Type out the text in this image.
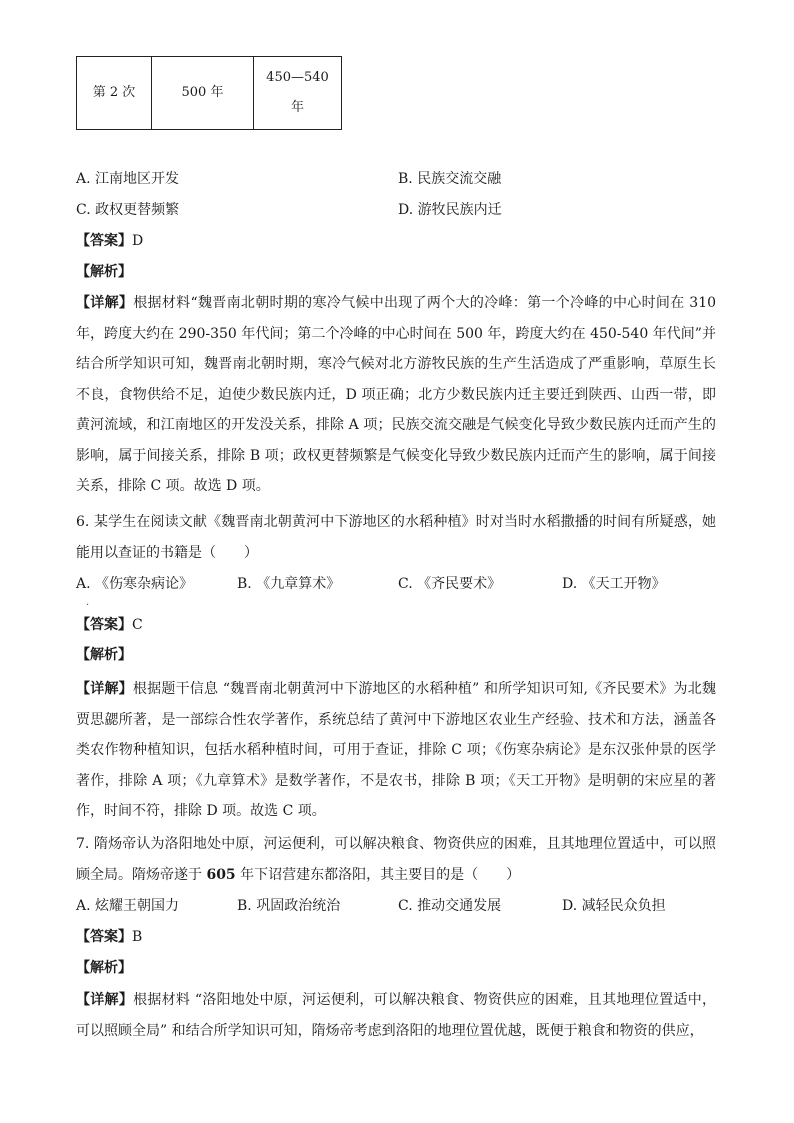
第 2 次	500 年	450—540
年
A. 江南地区开发	B. 民族交流交融
C. 政权更替频繁	D. 游牧民族内迁
【答案】D
【解析】
【详解】根据材料“魏晋南北朝时期的寒冷气候中出现了两个大的冷峰：第一个冷峰的中心时间在 310 年，跨度大约在 290-350 年代间；第二个冷峰的中心时间在 500 年，跨度大约在 450-540 年代间”并结合所学知识可知，魏晋南北朝时期，寒冷气候对北方游牧民族的生产生活造成了严重影响，草原生长不良，食物供给不足，迫使少数民族内迁，D 项正确；北方少数民族内迁主要迁到陕西、山西一带，即黄河流域，和江南地区的开发没关系，排除 A 项；民族交流交融是气候变化导致少数民族内迁而产生的影响，属于间接关系，排除 B 项；政权更替频繁是气候变化导致少数民族内迁而产生的影响，属于间接关系，排除 C 项。故选 D 项。
6. 某学生在阅读文献《魏晋南北朝黄河中下游地区的水稻种植》时对当时水稻撒播的时间有所疑惑，她能用以查证的书籍是（　　）
A. 《伤寒杂病论》	B. 《九章算术》	C. 《齐民要术》	D. 《天工开物》
·
【答案】C
【解析】
【详解】根据题干信息 “魏晋南北朝黄河中下游地区的水稻种植” 和所学知识可知,《齐民要术》为北魏贾思勰所著，是一部综合性农学著作，系统总结了黄河中下游地区农业生产经验、技术和方法，涵盖各类农作物种植知识，包括水稻种植时间，可用于查证，排除 C 项；《伤寒杂病论》是东汉张仲景的医学著作，排除 A 项；《九章算术》是数学著作，不是农书，排除 B 项；《天工开物》是明朝的宋应星的著作，时间不符，排除 D 项。故选 C 项。
7. 隋炀帝认为洛阳地处中原，河运便利，可以解决粮食、物资供应的困难，且其地理位置适中，可以照顾全局。隋炀帝遂于 605 年下诏营建东都洛阳，其主要目的是（　　）
A. 炫耀王朝国力	B. 巩固政治统治	C. 推动交通发展	D. 减轻民众负担
【答案】B
【解析】
【详解】根据材料 “洛阳地处中原，河运便利，可以解决粮食、物资供应的困难，且其地理位置适中，可以照顾全局” 和结合所学知识可知，隋炀帝考虑到洛阳的地理位置优越，既便于粮食和物资的供应，
